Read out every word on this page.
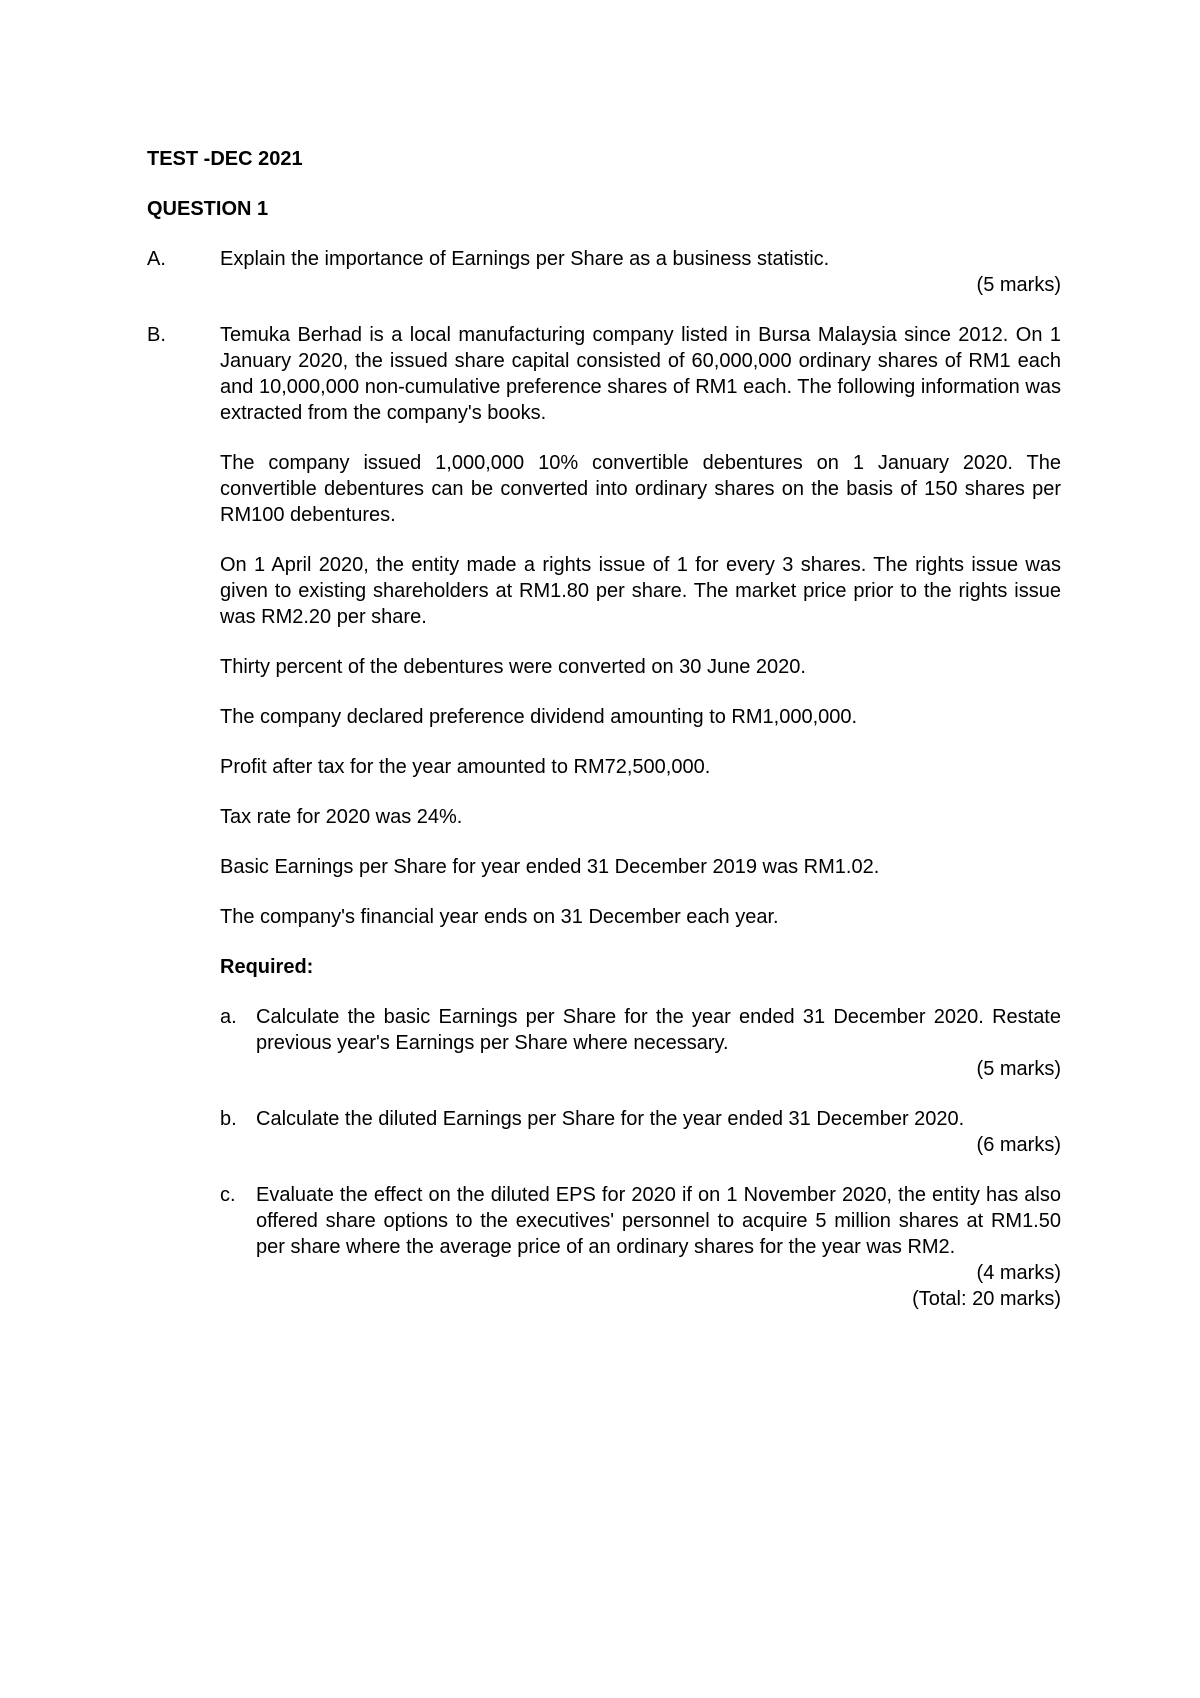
TEST -DEC 2021

QUESTION 1

A.	Explain the importance of Earnings per Share as a business statistic.

(5 marks)

B.	Temuka Berhad is a local manufacturing company listed in Bursa Malaysia since 2012. On 1 January 2020, the issued share capital consisted of 60,000,000 ordinary shares of RM1 each and 10,000,000 non-cumulative preference shares of RM1 each. The following information was extracted from the company's books.

The company issued 1,000,000 10% convertible debentures on 1 January 2020. The convertible debentures can be converted into ordinary shares on the basis of 150 shares per RM100 debentures.

On 1 April 2020, the entity made a rights issue of 1 for every 3 shares. The rights issue was given to existing shareholders at RM1.80 per share. The market price prior to the rights issue was RM2.20 per share.

Thirty percent of the debentures were converted on 30 June 2020.

The company declared preference dividend amounting to RM1,000,000.

Profit after tax for the year amounted to RM72,500,000.

Tax rate for 2020 was 24%.

Basic Earnings per Share for year ended 31 December 2019 was RM1.02.

The company's financial year ends on 31 December each year.

Required:

a. Calculate the basic Earnings per Share for the year ended 31 December 2020. Restate previous year's Earnings per Share where necessary.

(5 marks)

b. Calculate the diluted Earnings per Share for the year ended 31 December 2020.

(6 marks)

c.	Evaluate the effect on the diluted EPS for 2020 if on 1 November 2020, the entity has also offered share options to the executives' personnel to acquire 5 million shares at RM1.50 per share where the average price of an ordinary shares for the year was RM2.

(4 marks)

(Total: 20 marks)
